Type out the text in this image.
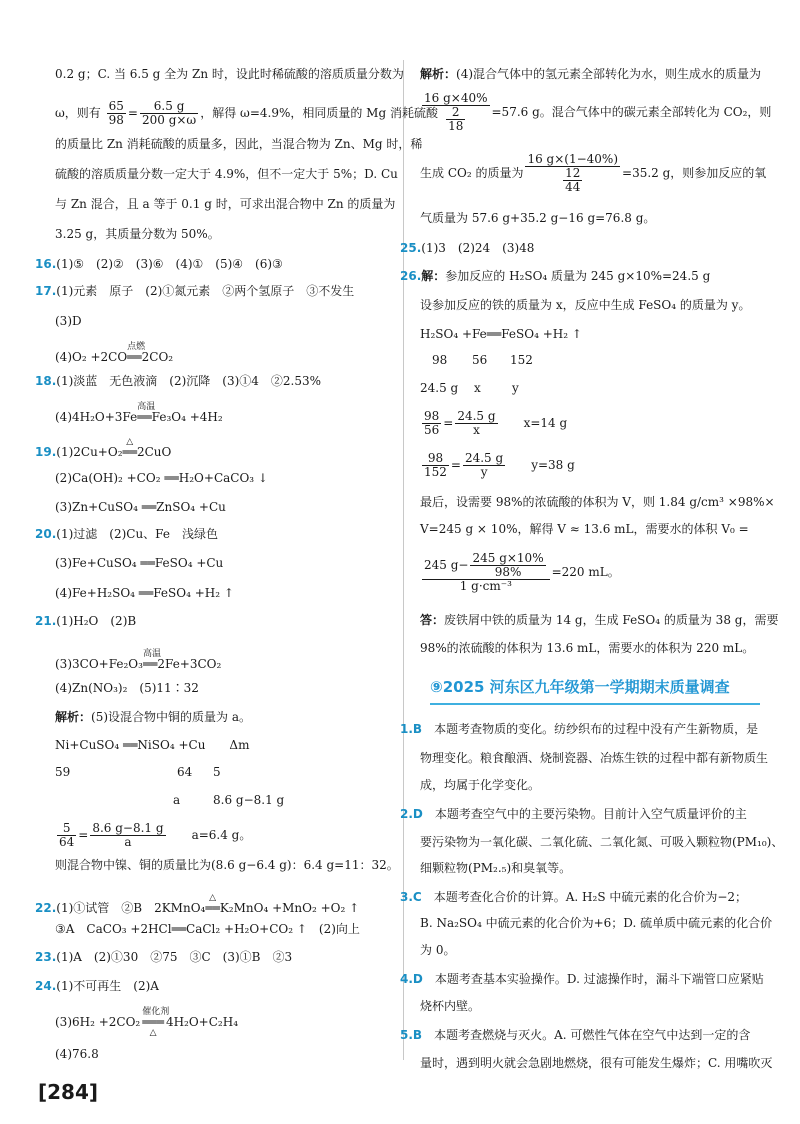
0.2 g；C. 当 6.5 g 全为 Zn 时，设此时稀硫酸的溶质质量分数为
ω，则有 $\frac{65}{98} = \frac{6.5 g}{200 g\times\omega}$ ，解得 ω=4.9%，相同质量的 Mg 消耗硫酸
的质量比 Zn 消耗硫酸的质量多，因此，当混合物为 Zn、Mg 时，稀
硫酸的溶质质量分数一定大于 4.9%，但不一定大于 5%；D. Cu
与 Zn 混合，且 a 等于 0.1 g 时，可求出混合物中 Zn 的质量为
3.25 g，其质量分数为 50%。
16.(1)⑤　(2)②　(3)⑥　(4)①　(5)④　(6)③
17.(1)元素　原子　(2)①氮元素　②两个氢原子　③不发生
(3)D
(4)O₂ +2CO
点燃
══2CO₂
18.(1)淡蓝　无色液滴　(2)沉降　(3)①4　②2.53%
(4)4H₂O+3Fe
高温
══Fe₃O₄ +4H₂
19.(1)2Cu+O₂
△
══2CuO
(2)Ca(OH)₂ +CO₂ ══H₂O+CaCO₃ ↓
(3)Zn+CuSO₄ ══ZnSO₄ +Cu
20.(1)过滤　(2)Cu、Fe　浅绿色
(3)Fe+CuSO₄ ══FeSO₄ +Cu
(4)Fe+H₂SO₄ ══FeSO₄ +H₂ ↑
21.(1)H₂O　(2)B
(3)3CO+Fe₂O₃
高温
══2Fe+3CO₂
(4)Zn(NO₃)₂　(5)11∶32
解析：(5)设混合物中铜的质量为 a。
Ni+CuSO₄ ══NiSO₄ +Cu　　Δm
59	64 5
a	8.6 g−8.1 g
$\frac{5}{64} = \frac{8.6 g-8.1 g}{a}$
　　 a=6.4 g。
则混合物中镍、铜的质量比为(8.6 g−6.4 g)：6.4 g=11：32。
22.(1)①试管　②B　2KMnO₄
△
══K₂MnO₄ +MnO₂ +O₂ ↑
③A　CaCO₃ +2HCl══CaCl₂ +H₂O+CO₂ ↑　(2)向上
23.(1)A　(2)①30　②75　③C　(3)①B　②3
24.(1)不可再生　(2)A
(3)6H₂ +2CO₂
催化剂
═══
△
4H₂O+C₂H₄
(4)76.8
[284]
解析：(4)混合气体中的氢元素全部转化为水，则生成水的质量为
$\frac{16 g\times 40\%}{\frac{2}{18}} =57.6$ g。混合气体中的碳元素全部转化为 CO₂，则
生成 CO₂ 的质量为 $\frac{16 g\times(1-40\%)}{\frac{12}{44}} =35.2$ g，则参加反应的氧
气质量为 57.6 g+35.2 g−16 g=76.8 g。
25.(1)3　(2)24　(3)48
26.解：参加反应的 H₂SO₄ 质量为 245 g×10%=24.5 g
设参加反应的铁的质量为 x，反应中生成 FeSO₄ 的质量为 y。
H₂SO₄ +Fe══FeSO₄ +H₂ ↑
98 56 152
24.5 g x	y
$\frac{98}{56} = \frac{24.5 g}{x}$
　　 x=14 g
$\frac{98}{152} = \frac{24.5 g}{y}$
　　 y=38 g
最后，设需要 98%的浓硫酸的体积为 V，则 1.84 g/cm³ ×98%×
V=245 g × 10%，解得 V ≈ 13.6 mL，需要水的体积 V₀ =
$\frac{245 g- \frac{245 g\times 10\%}{98\%}}{\text{1 g·cm⁻³}} =220$ mL。
答：废铁屑中铁的质量为 14 g，生成 FeSO₄ 的质量为 38 g，需要
98%的浓硫酸的体积为 13.6 mL，需要水的体积为 220 mL。
1.B　 本题考查物质的变化。纺纱织布的过程中没有产生新物质，是
物理变化。粮食酿酒、烧制瓷器、冶炼生铁的过程中都有新物质生
成，均属于化学变化。
2.D　 本题考查空气中的主要污染物。目前计入空气质量评价的主
要污染物为一氧化碳、二氧化硫、二氧化氮、可吸入颗粒物(PM₁₀)、
细颗粒物(PM₂.₅)和臭氧等。
3.C　 本题考查化合价的计算。A. H₂S 中硫元素的化合价为−2；
B. Na₂SO₄ 中硫元素的化合价为+6；D. 硫单质中硫元素的化合价
为 0。
4.D　 本题考查基本实验操作。D. 过滤操作时，漏斗下端管口应紧贴
烧杯内壁。
5.B　 本题考查燃烧与灭火。A. 可燃性气体在空气中达到一定的含
量时，遇到明火就会急剧地燃烧，很有可能发生爆炸；C. 用嘴吹灭
⑨2025 河东区九年级第一学期期末质量调查
